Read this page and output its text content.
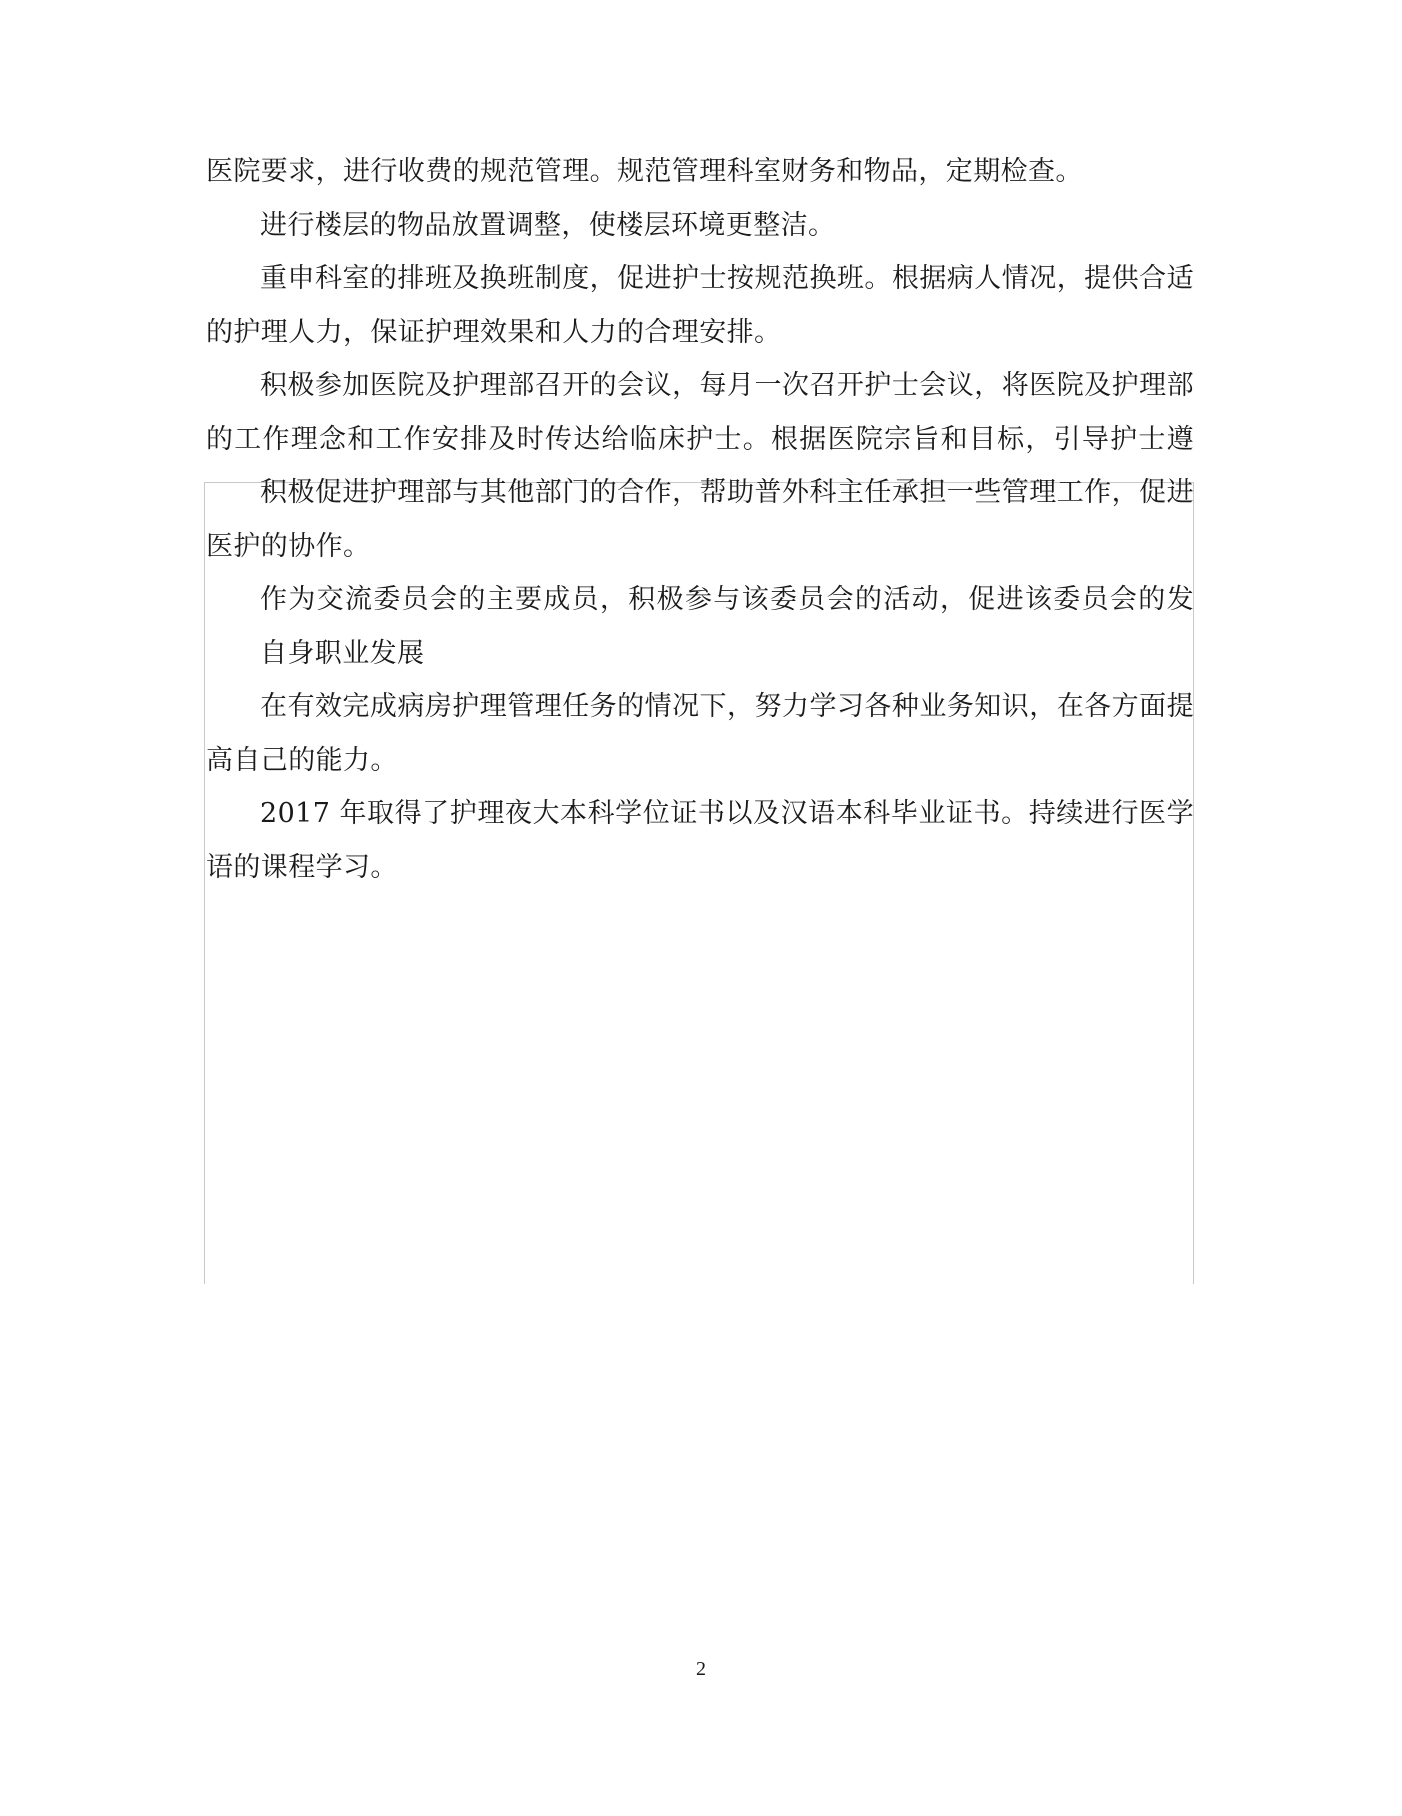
医院要求，进行收费的规范管理。规范管理科室财务和物品，定期检查。
进行楼层的物品放置调整，使楼层环境更整洁。
重申科室的排班及换班制度，促进护士按规范换班。根据病人情况，提供合适
的护理人力，保证护理效果和人力的合理安排。
积极参加医院及护理部召开的会议，每月一次召开护士会议，将医院及护理部
的工作理念和工作安排及时传达给临床护士。根据医院宗旨和目标，引导护士遵
积极促进护理部与其他部门的合作，帮助普外科主任承担一些管理工作，促进
医护的协作。
作为交流委员会的主要成员，积极参与该委员会的活动，促进该委员会的发
自身职业发展
在有效完成病房护理管理任务的情况下，努力学习各种业务知识，在各方面提
高自己的能力。
2017 年取得了护理夜大本科学位证书以及汉语本科毕业证书。持续进行医学
语的课程学习。
2
